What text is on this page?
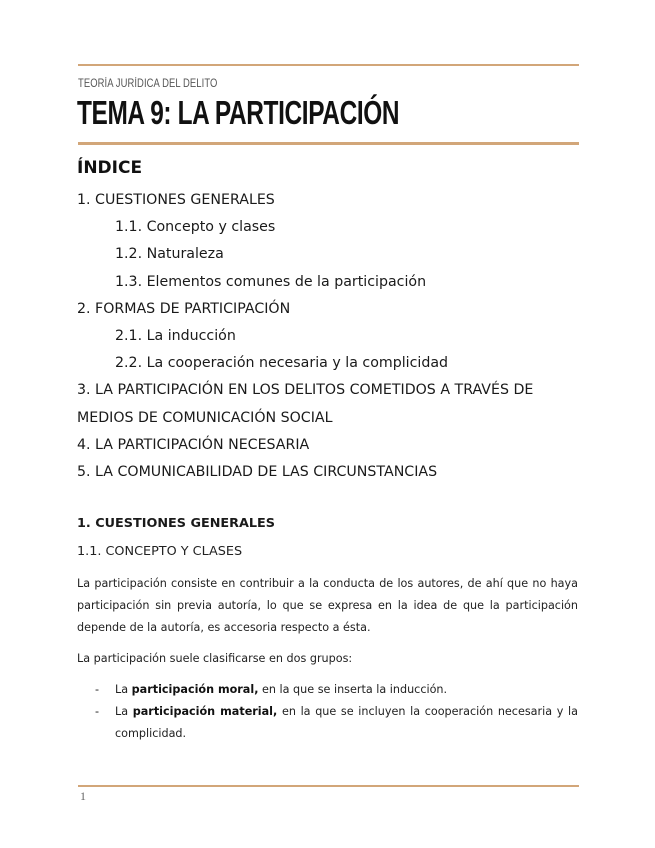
TEORÍA JURÍDICA DEL DELITO
TEMA 9: LA PARTICIPACIÓN
ÍNDICE
1. CUESTIONES GENERALES
1.1. Concepto y clases
1.2. Naturaleza
1.3. Elementos comunes de la participación
2. FORMAS DE PARTICIPACIÓN
2.1. La inducción
2.2. La cooperación necesaria y la complicidad
3. LA PARTICIPACIÓN EN LOS DELITOS COMETIDOS A TRAVÉS DE
MEDIOS DE COMUNICACIÓN SOCIAL
4. LA PARTICIPACIÓN NECESARIA
5. LA COMUNICABILIDAD DE LAS CIRCUNSTANCIAS
1. CUESTIONES GENERALES
1.1. CONCEPTO Y CLASES
La participación consiste en contribuir a la conducta de los autores, de ahí que no haya participación sin previa autoría, lo que se expresa en la idea de que la participación depende de la autoría, es accesoria respecto a ésta.
La participación suele clasificarse en dos grupos:
- La participación moral, en la que se inserta la inducción.
- La participación material, en la que se incluyen la cooperación necesaria y la complicidad.
1
